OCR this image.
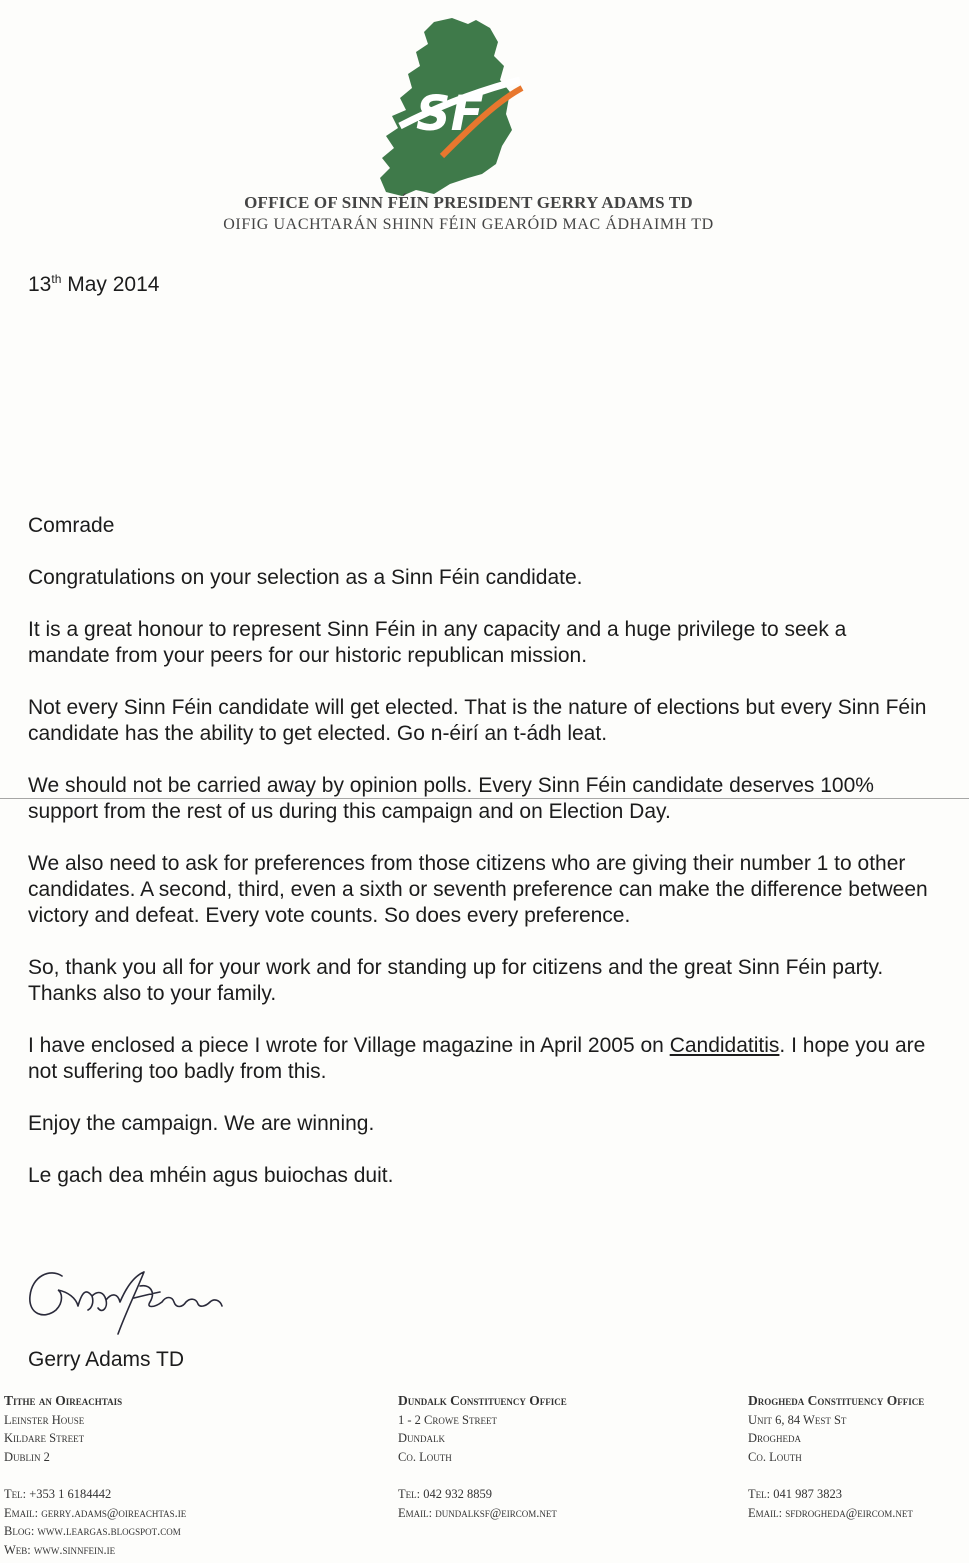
SF
OFFICE OF SINN FÉIN PRESIDENT GERRY ADAMS TD
OIFIG UACHTARÁN SHINN FÉIN GEARÓID MAC ÁDHAIMH TD
13th May 2014

Comrade

Congratulations on your selection as a Sinn Féin candidate.

It is a great honour to represent Sinn Féin in any capacity and a huge privilege to seek a mandate from your peers for our historic republican mission.

Not every Sinn Féin candidate will get elected. That is the nature of elections but every Sinn Féin candidate has the ability to get elected. Go n-éirí an t-ádh leat.

We should not be carried away by opinion polls. Every Sinn Féin candidate deserves 100% support from the rest of us during this campaign and on Election Day.

We also need to ask for preferences from those citizens who are giving their number 1 to other candidates. A second, third, even a sixth or seventh preference can make the difference between victory and defeat. Every vote counts. So does every preference.

So, thank you all for your work and for standing up for citizens and the great Sinn Féin party. Thanks also to your family.

I have enclosed a piece I wrote for Village magazine in April 2005 on Candidatitis. I hope you are not suffering too badly from this.

Enjoy the campaign. We are winning.

Le gach dea mhéin agus buiochas duit.

Gerry Adams TD
Tithe an Oireachtais
Leinster House
Kildare Street
Dublin 2
Tel: +353 1 6184442
Email: gerry.adams@oireachtas.ie
Blog: www.leargas.blogspot.com
Web: www.sinnfein.ie
Dundalk Constituency Office
1 - 2 Crowe Street
Dundalk
Co. Louth
Tel: 042 932 8859
Email: dundalksf@eircom.net
Drogheda Constituency Office
Unit 6, 84 West St
Drogheda
Co. Louth
Tel: 041 987 3823
Email: sfdrogheda@eircom.net
